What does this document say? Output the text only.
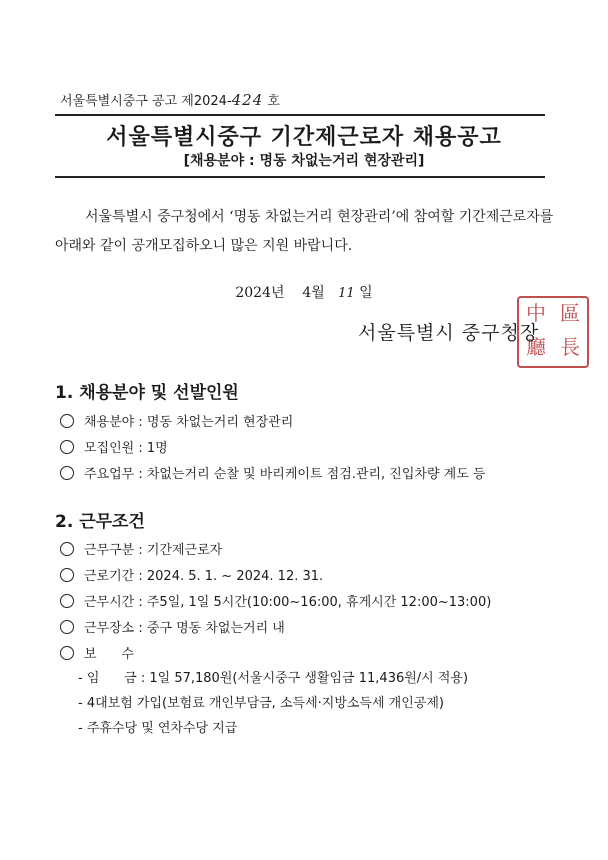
서울특별시중구 공고 제2024-424 호
서울특별시중구 기간제근로자 채용공고
[채용분야 : 명동 차없는거리 현장관리]
서울특별시 중구청에서 ‘명동 차없는거리 현장관리’에 참여할 기간제근로자를 아래와 같이 공개모집하오니 많은 지원 바랍니다.
2024년 4월 11 일
中 區
廳 長
서울특별시 중구청장
1. 채용분야 및 선발인원
채용분야 : 명동 차없는거리 현장관리
모집인원 : 1명
주요업무 : 차없는거리 순찰 및 바리케이트 점검.관리, 진입차량 계도 등
2. 근무조건
근무구분 : 기간제근로자
근로기간 : 2024. 5. 1. ~ 2024. 12. 31.
근무시간 : 주5일, 1일 5시간(10:00~16:00, 휴게시간 12:00~13:00)
근무장소 : 중구 명동 차없는거리 내
보      수
- 임      금 : 1일 57,180원(서울시중구 생활임금 11,436원/시 적용)
- 4대보험 가입(보험료 개인부담금, 소득세·지방소득세 개인공제)
- 주휴수당 및 연차수당 지급
